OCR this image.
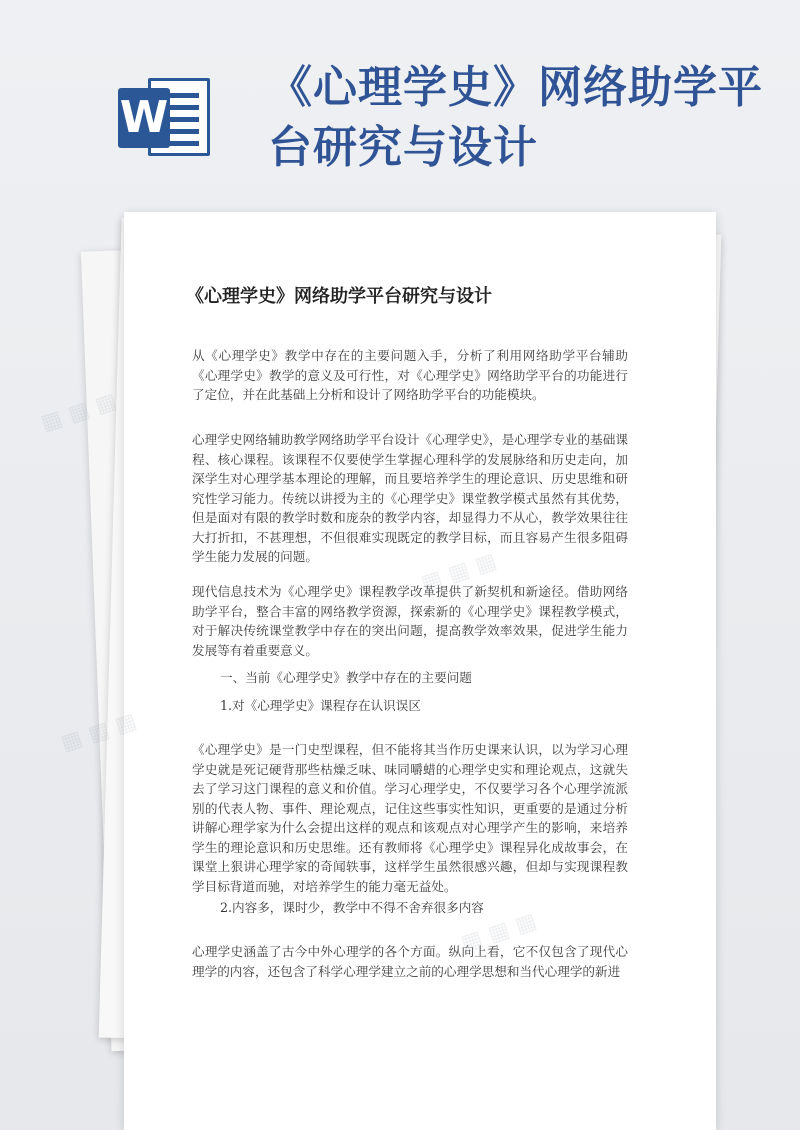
W
《心理学史》网络助学平台研究与设计
《心理学史》网络助学平台研究与设计
从《心理学史》教学中存在的主要问题入手，分析了利用网络助学平台辅助《心理学史》教学的意义及可行性，对《心理学史》网络助学平台的功能进行了定位，并在此基础上分析和设计了网络助学平台的功能模块。
心理学史网络辅助教学网络助学平台设计《心理学史》，是心理学专业的基础课程、核心课程。该课程不仅要使学生掌握心理科学的发展脉络和历史走向，加深学生对心理学基本理论的理解，而且要培养学生的理论意识、历史思维和研究性学习能力。传统以讲授为主的《心理学史》课堂教学模式虽然有其优势，但是面对有限的教学时数和庞杂的教学内容，却显得力不从心，教学效果往往大打折扣，不甚理想，不但很难实现既定的教学目标，而且容易产生很多阻碍学生能力发展的问题。
现代信息技术为《心理学史》课程教学改革提供了新契机和新途径。借助网络助学平台，整合丰富的网络教学资源，探索新的《心理学史》课程教学模式，对于解决传统课堂教学中存在的突出问题，提高教学效率效果，促进学生能力发展等有着重要意义。
一、当前《心理学史》教学中存在的主要问题
1.对《心理学史》课程存在认识误区
《心理学史》是一门史型课程，但不能将其当作历史课来认识，以为学习心理学史就是死记硬背那些枯燥乏味、味同嚼蜡的心理学史实和理论观点，这就失去了学习这门课程的意义和价值。学习心理学史，不仅要学习各个心理学流派别的代表人物、事件、理论观点，记住这些事实性知识，更重要的是通过分析讲解心理学家为什么会提出这样的观点和该观点对心理学产生的影响，来培养学生的理论意识和历史思维。还有教师将《心理学史》课程异化成故事会，在课堂上狠讲心理学家的奇闻轶事，这样学生虽然很感兴趣，但却与实现课程教学目标背道而驰，对培养学生的能力毫无益处。
2.内容多，课时少，教学中不得不舍弃很多内容
心理学史涵盖了古今中外心理学的各个方面。纵向上看，它不仅包含了现代心理学的内容，还包含了科学心理学建立之前的心理学思想和当代心理学的新进
▦ ▦ ▦
▦
